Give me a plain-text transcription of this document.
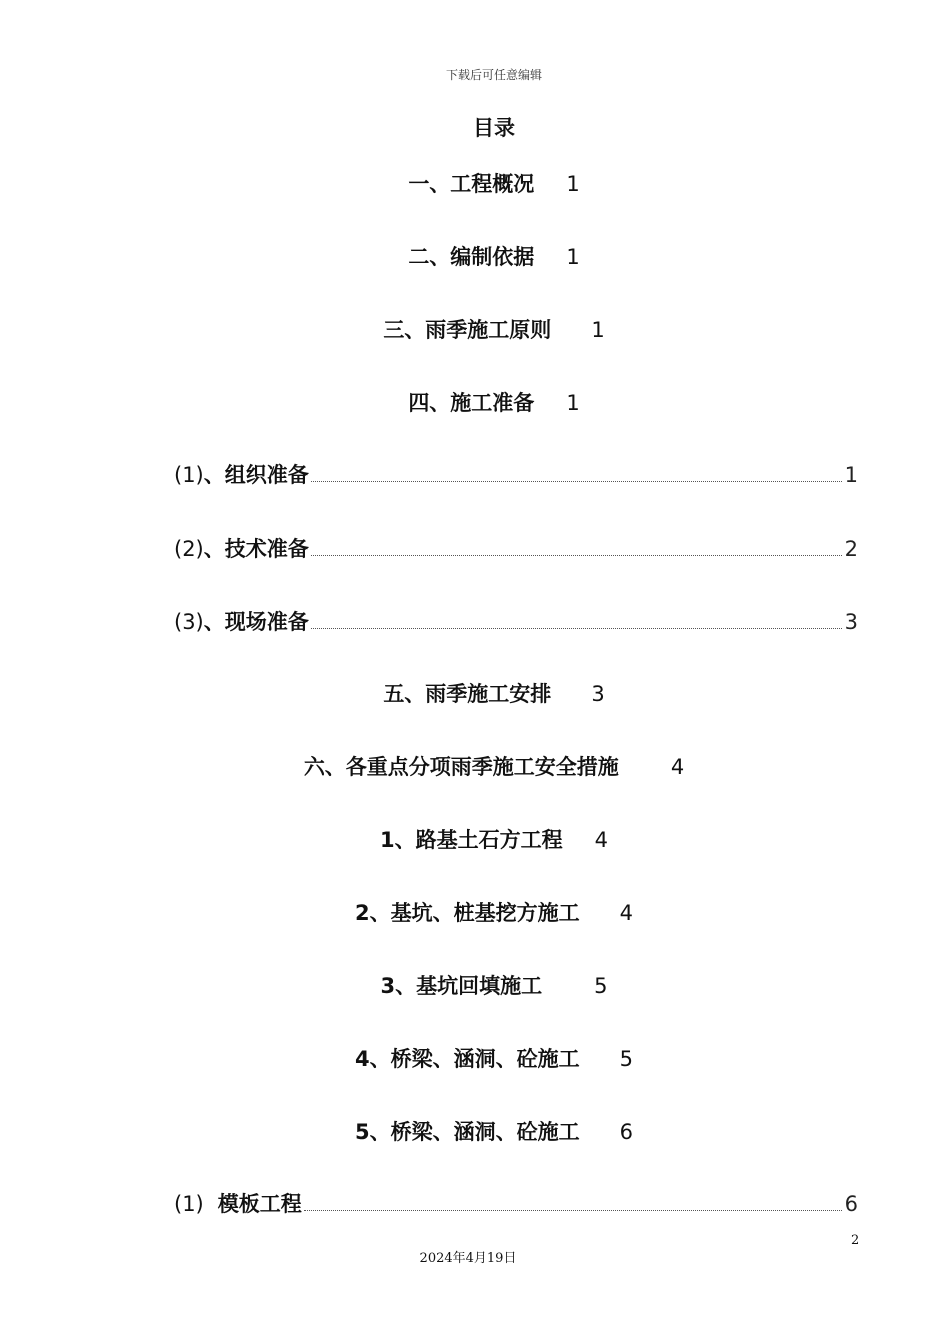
下载后可任意编辑
目录
一、工程概况 1
二、编制依据 1
三、雨季施工原则 1
四、施工准备 1
(1) 、组织准备	1
(2) 、技术准备	2
(3) 、现场准备	3
五、雨季施工安排 3
六、各重点分项雨季施工安全措施 4
1、路基土石方工程 4
2、基坑、桩基挖方施工 4
3、基坑回填施工 5
4、桥梁、涵洞、砼施工 5
5、桥梁、涵洞、砼施工 6
(1) 模板工程	6
2
2024年4月19日
